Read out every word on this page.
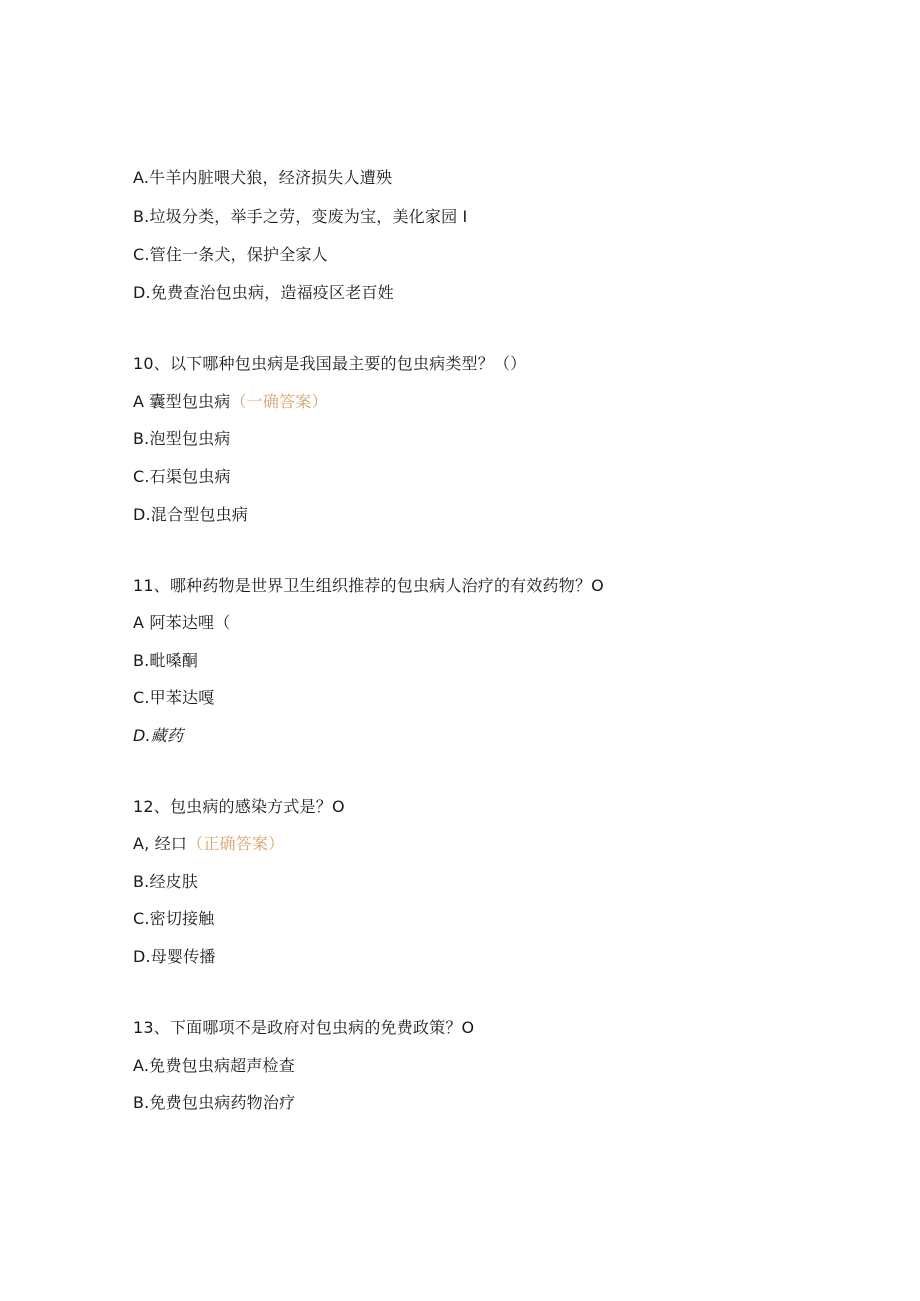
A.牛羊内脏喂犬狼，经济损失人遭殃
B.垃圾分类，举手之劳，变废为宝，美化家园 I
C.管住一条犬，保护全家人
D.免费查治包虫病，造福疫区老百姓
10、以下哪种包虫病是我国最主要的包虫病类型？（）
A 囊型包虫病（一确答案）
B.泡型包虫病
C.石渠包虫病
D.混合型包虫病
11、哪种药物是世界卫生组织推荐的包虫病人治疗的有效药物？O
A 阿苯达哩（
B.毗嗓酮
C.甲苯达嘎
D.藏药
12、包虫病的感染方式是？O
A, 经口（正确答案）
B.经皮肤
C.密切接触
D.母婴传播
13、下面哪项不是政府对包虫病的免费政策？O
A.免费包虫病超声检查
B.免费包虫病药物治疗
